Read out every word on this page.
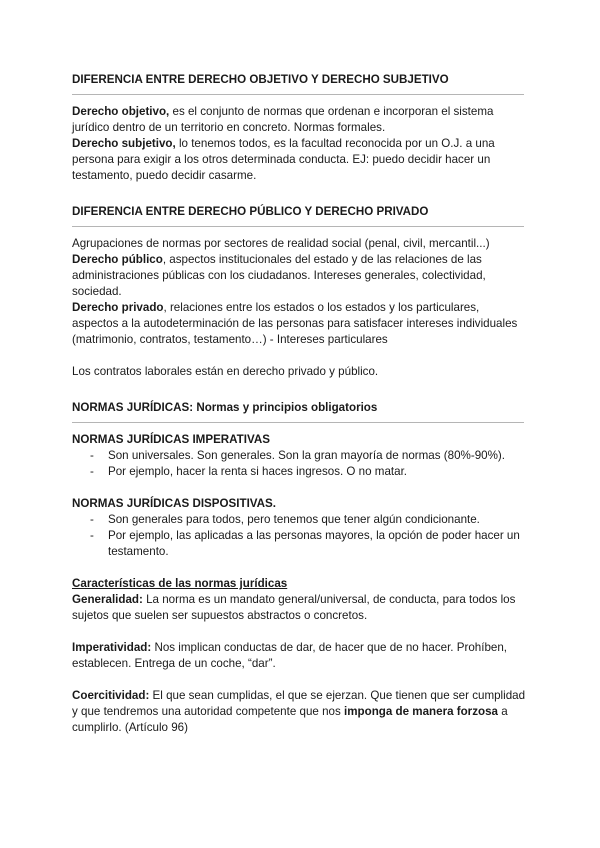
DIFERENCIA ENTRE DERECHO OBJETIVO Y DERECHO SUBJETIVO

Derecho objetivo, es el conjunto de normas que ordenan e incorporan el sistema jurídico dentro de un territorio en concreto. Normas formales.

Derecho subjetivo, lo tenemos todos, es la facultad reconocida por un O.J. a una persona para exigir a los otros determinada conducta. EJ: puedo decidir hacer un testamento, puedo decidir casarme.

DIFERENCIA ENTRE DERECHO PÚBLICO Y DERECHO PRIVADO

Agrupaciones de normas por sectores de realidad social (penal, civil, mercantil...)

Derecho público, aspectos institucionales del estado y de las relaciones de las administraciones públicas con los ciudadanos. Intereses generales, colectividad, sociedad.

Derecho privado, relaciones entre los estados o los estados y los particulares, aspectos a la autodeterminación de las personas para satisfacer intereses individuales (matrimonio, contratos, testamento…) - Intereses particulares

Los contratos laborales están en derecho privado y público.

NORMAS JURÍDICAS: Normas y principios obligatorios
NORMAS JURÍDICAS IMPERATIVAS
- Son universales. Son generales. Son la gran mayoría de normas (80%-90%).
- Por ejemplo, hacer la renta si haces ingresos. O no matar.
NORMAS JURÍDICAS DISPOSITIVAS.
- Son generales para todos, pero tenemos que tener algún condicionante.
- Por ejemplo, las aplicadas a las personas mayores, la opción de poder hacer un testamento.
Características de las normas jurídicas

Generalidad: La norma es un mandato general/universal, de conducta, para todos los sujetos que suelen ser supuestos abstractos o concretos.

Imperatividad: Nos implican conductas de dar, de hacer que de no hacer. Prohíben, establecen. Entrega de un coche, “dar”.

Coercitividad: El que sean cumplidas, el que se ejerzan. Que tienen que ser cumplidad y que tendremos una autoridad competente que nos imponga de manera forzosa a cumplirlo. (Artículo 96)
